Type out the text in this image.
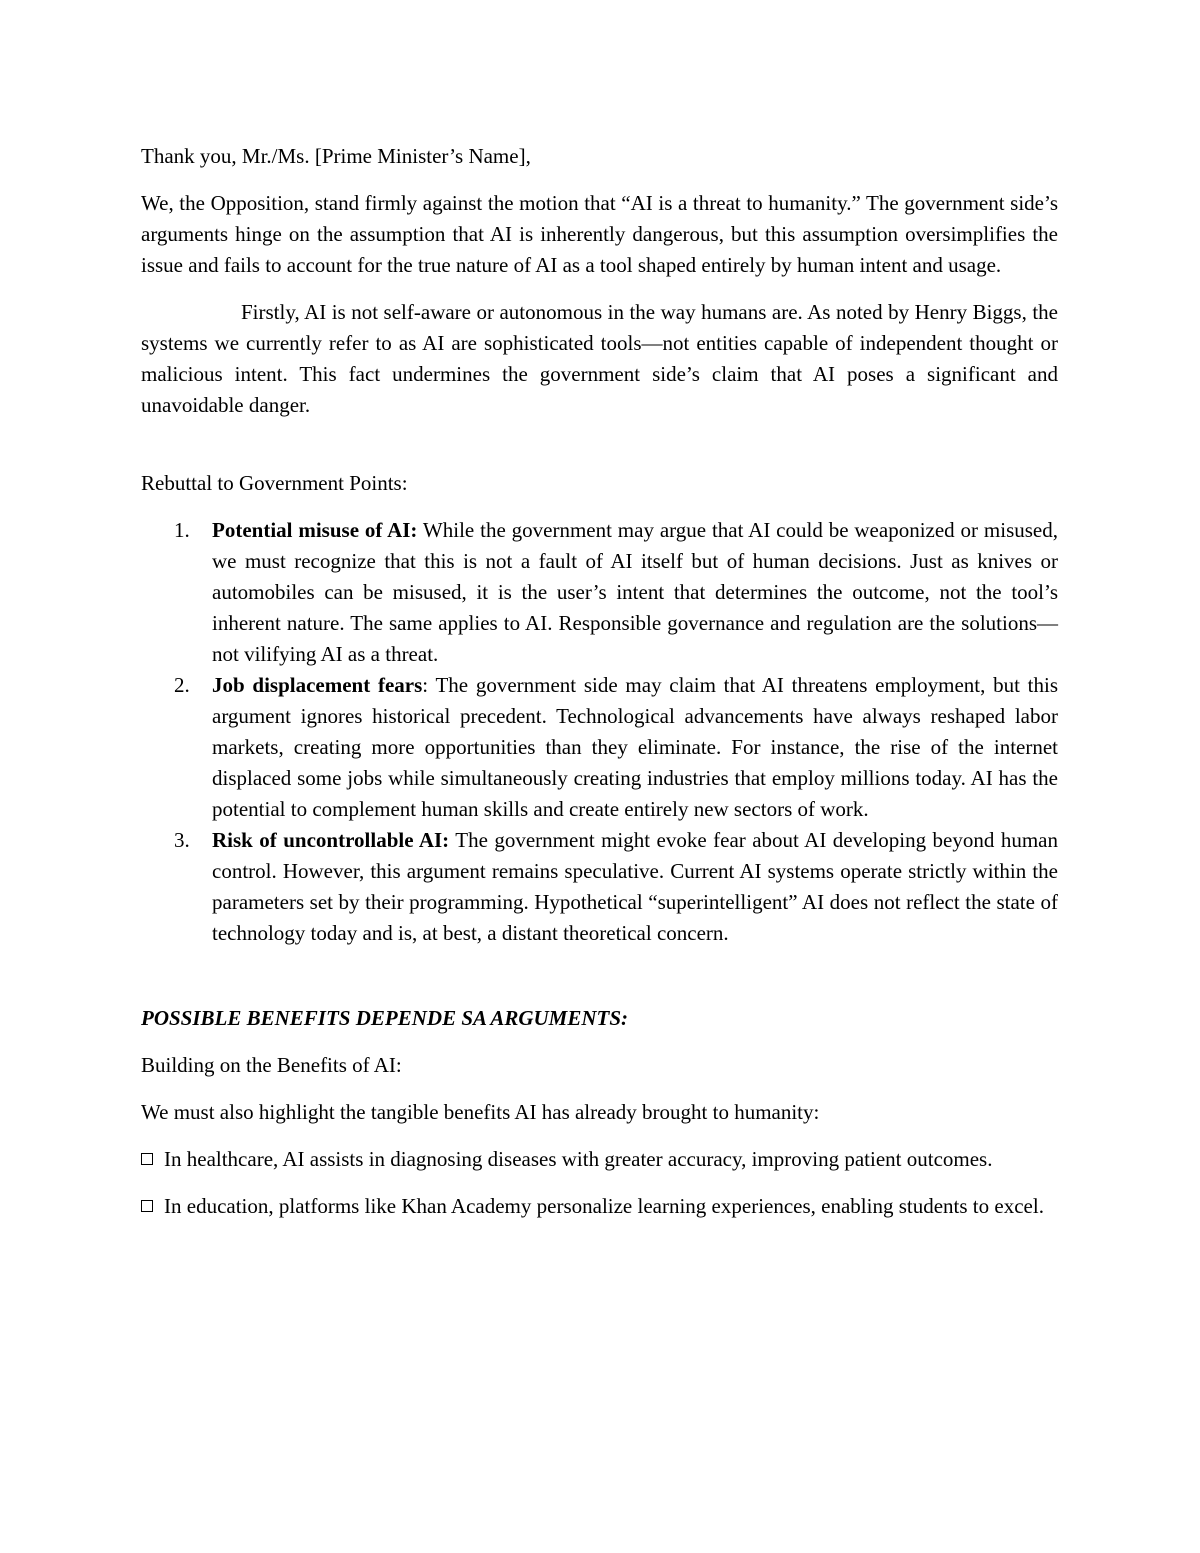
Thank you, Mr./Ms. [Prime Minister’s Name],

We, the Opposition, stand firmly against the motion that “AI is a threat to humanity.” The government side’s arguments hinge on the assumption that AI is inherently dangerous, but this assumption oversimplifies the issue and fails to account for the true nature of AI as a tool shaped entirely by human intent and usage.

Firstly, AI is not self-aware or autonomous in the way humans are. As noted by Henry Biggs, the systems we currently refer to as AI are sophisticated tools—not entities capable of independent thought or malicious intent. This fact undermines the government side’s claim that AI poses a significant and unavoidable danger.

Rebuttal to Government Points:

1. Potential misuse of AI: While the government may argue that AI could be weaponized or misused, we must recognize that this is not a fault of AI itself but of human decisions. Just as knives or automobiles can be misused, it is the user’s intent that determines the outcome, not the tool’s inherent nature. The same applies to AI. Responsible governance and regulation are the solutions—not vilifying AI as a threat.
2. Job displacement fears: The government side may claim that AI threatens employment, but this argument ignores historical precedent. Technological advancements have always reshaped labor markets, creating more opportunities than they eliminate. For instance, the rise of the internet displaced some jobs while simultaneously creating industries that employ millions today. AI has the potential to complement human skills and create entirely new sectors of work.
3. Risk of uncontrollable AI: The government might evoke fear about AI developing beyond human control. However, this argument remains speculative. Current AI systems operate strictly within the parameters set by their programming. Hypothetical “superintelligent” AI does not reflect the state of technology today and is, at best, a distant theoretical concern.

POSSIBLE BENEFITS DEPENDE SA ARGUMENTS:

Building on the Benefits of AI:

We must also highlight the tangible benefits AI has already brought to humanity:

In healthcare, AI assists in diagnosing diseases with greater accuracy, improving patient outcomes.

In education, platforms like Khan Academy personalize learning experiences, enabling students to excel.
